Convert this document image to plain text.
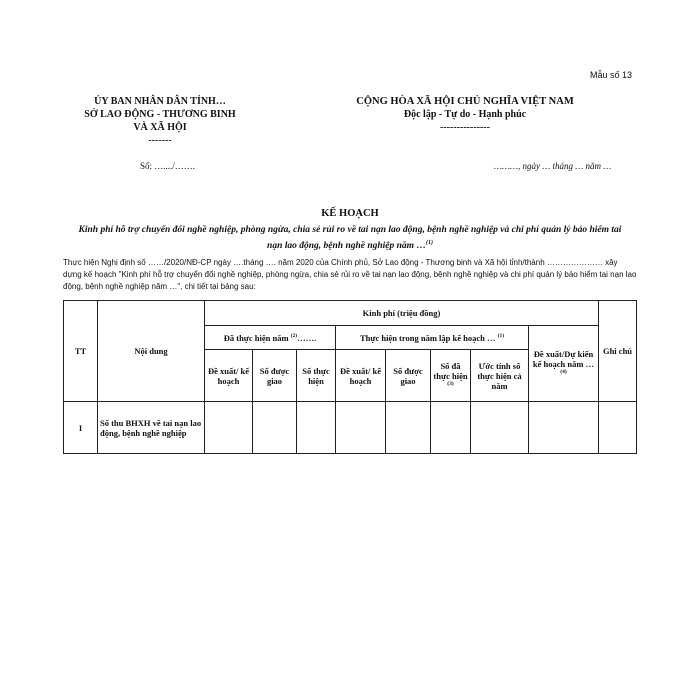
Mẫu số 13
ỦY BAN NHÂN DÂN TỈNH…
SỞ LAO ĐỘNG - THƯƠNG BINH
VÀ XÃ HỘI
-------
CỘNG HÒA XÃ HỘI CHỦ NGHĨA VIỆT NAM
Độc lập - Tự do - Hạnh phúc
---------------
Số: …..../…….	………, ngày … tháng … năm …
KẾ HOẠCH
Kinh phí hỗ trợ chuyển đổi nghề nghiệp, phòng ngừa, chia sẻ rủi ro về tai nạn lao động, bệnh nghề nghiệp và chi phí quản lý bảo hiểm tai nạn lao động, bệnh nghề nghiệp năm …$^{(1)}$
Thực hiện Nghị định số ……/2020/NĐ-CP ngày ….tháng …. năm 2020 của Chính phủ, Sở Lao động - Thương binh và Xã hội tỉnh/thành ………………… xây dựng kế hoạch "Kinh phí hỗ trợ chuyển đổi nghề nghiệp, phòng ngừa, chia sẻ rủi ro về tai nạn lao động, bệnh nghề nghiệp và chi phí quản lý bảo hiểm tai nạn lao động, bệnh nghề nghiệp năm …", chi tiết tại bảng sau:
TT	Nội dung	Kinh phí (triệu đồng)								Ghi chú
		Đã thực hiện năm $^{(2)}$…….			Thực hiện trong năm lập kế hoạch … $^{(1)}$				Đề xuất/Dự kiến kế hoạch năm … $^{(4)}$
		Đề xuất/ kế hoạch	Số được giao	Số thực hiện	Đề xuất/ kế hoạch	Số được giao	Số đã thực hiện $^{(3)}$	Ước tính số thực hiện cả năm		
I	Số thu BHXH về tai nạn lao động, bệnh nghề nghiệp									
